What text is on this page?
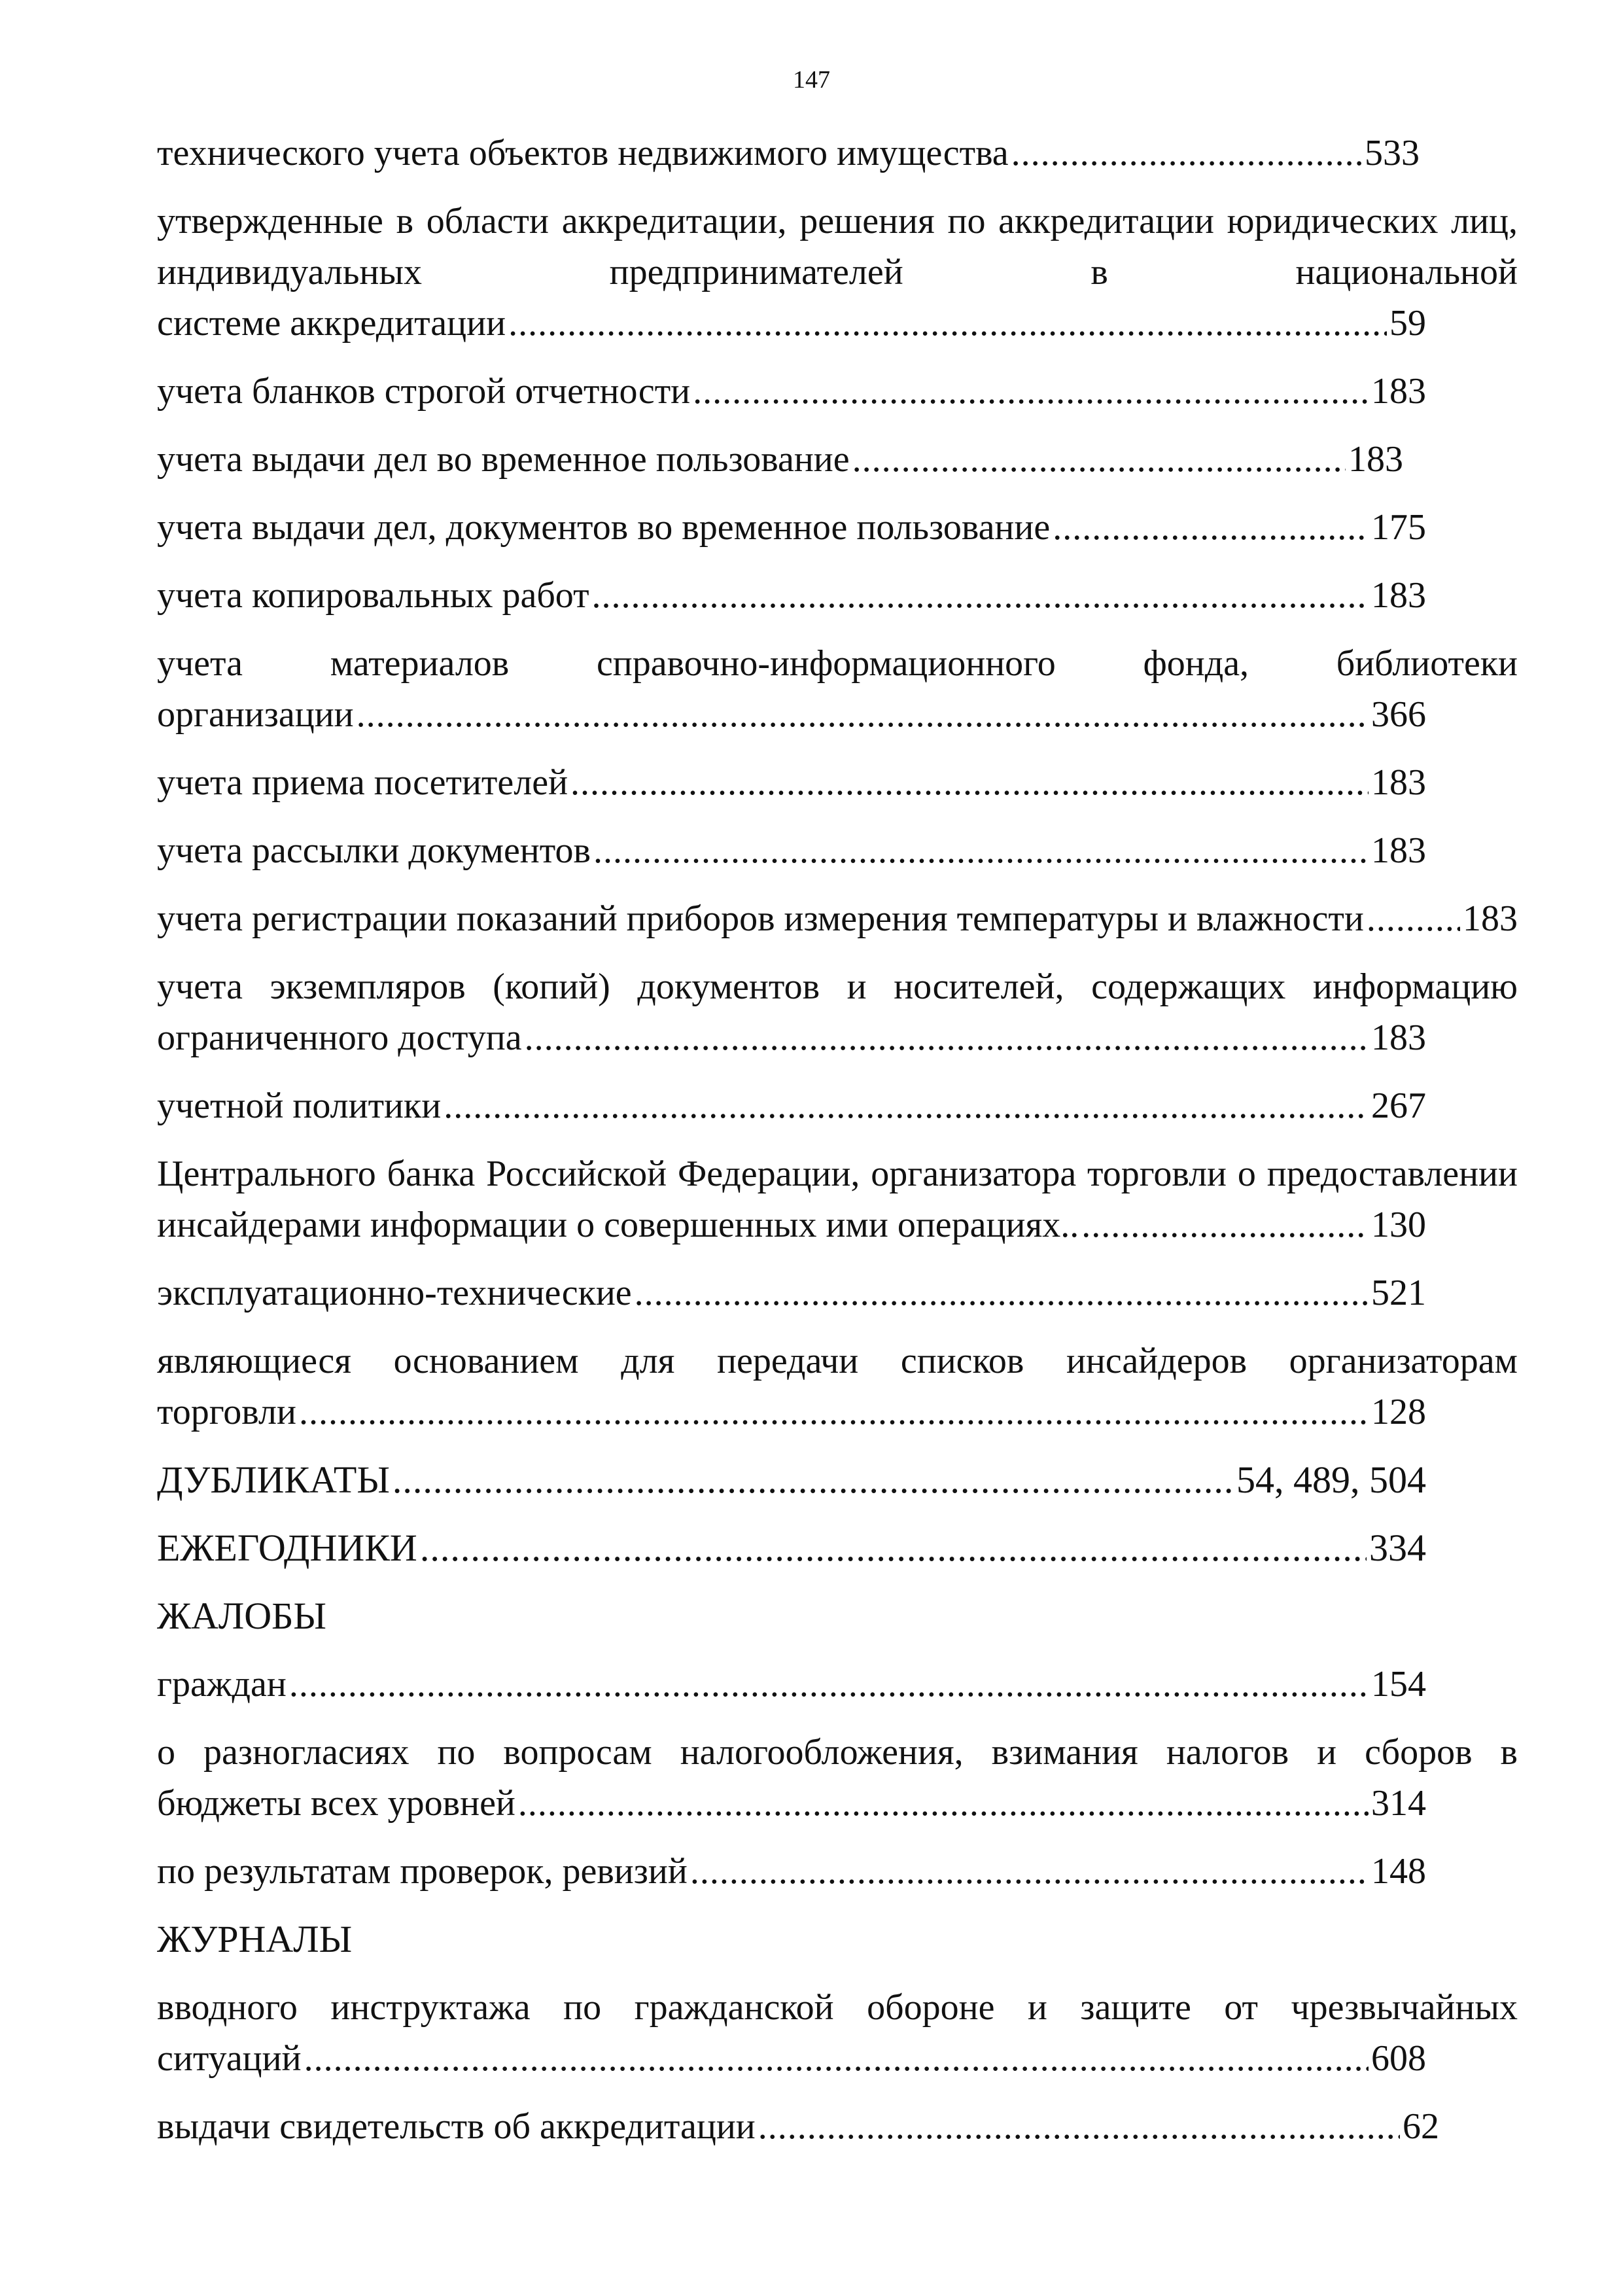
147
технического учета объектов недвижимого имущества .....	533
утвержденные в области аккредитации, решения по аккредитации юридических лиц, индивидуальных предпринимателей в национальной
системе аккредитации .....	59
учета бланков строгой отчетности .....	183
учета выдачи дел во временное пользование .....	183
учета выдачи дел, документов во временное пользование .....	175
учета копировальных работ .....	183
учета материалов справочно-информационного фонда, библиотеки
организации .....	366
учета приема посетителей .....	183
учета рассылки документов .....	183
учета регистрации показаний приборов измерения температуры и влажности .....	183
учета экземпляров (копий) документов и носителей, содержащих информацию
ограниченного доступа .....	183
учетной политики .....	267
Центрального банка Российской Федерации, организатора торговли о предоставлении
инсайдерами информации о совершенных ими операциях.. .....	130
эксплуатационно-технические .....	521
являющиеся основанием для передачи списков инсайдеров организаторам
торговли .....	128
ДУБЛИКАТЫ .....	54, 489, 504
ЕЖЕГОДНИКИ .....	334
ЖАЛОБЫ
граждан .....	154
о разногласиях по вопросам налогообложения, взимания налогов и сборов в
бюджеты всех уровней .....	314
по результатам проверок, ревизий .....	148
ЖУРНАЛЫ
вводного инструктажа по гражданской обороне и защите от чрезвычайных
ситуаций .....	608
выдачи свидетельств об аккредитации .....	62
